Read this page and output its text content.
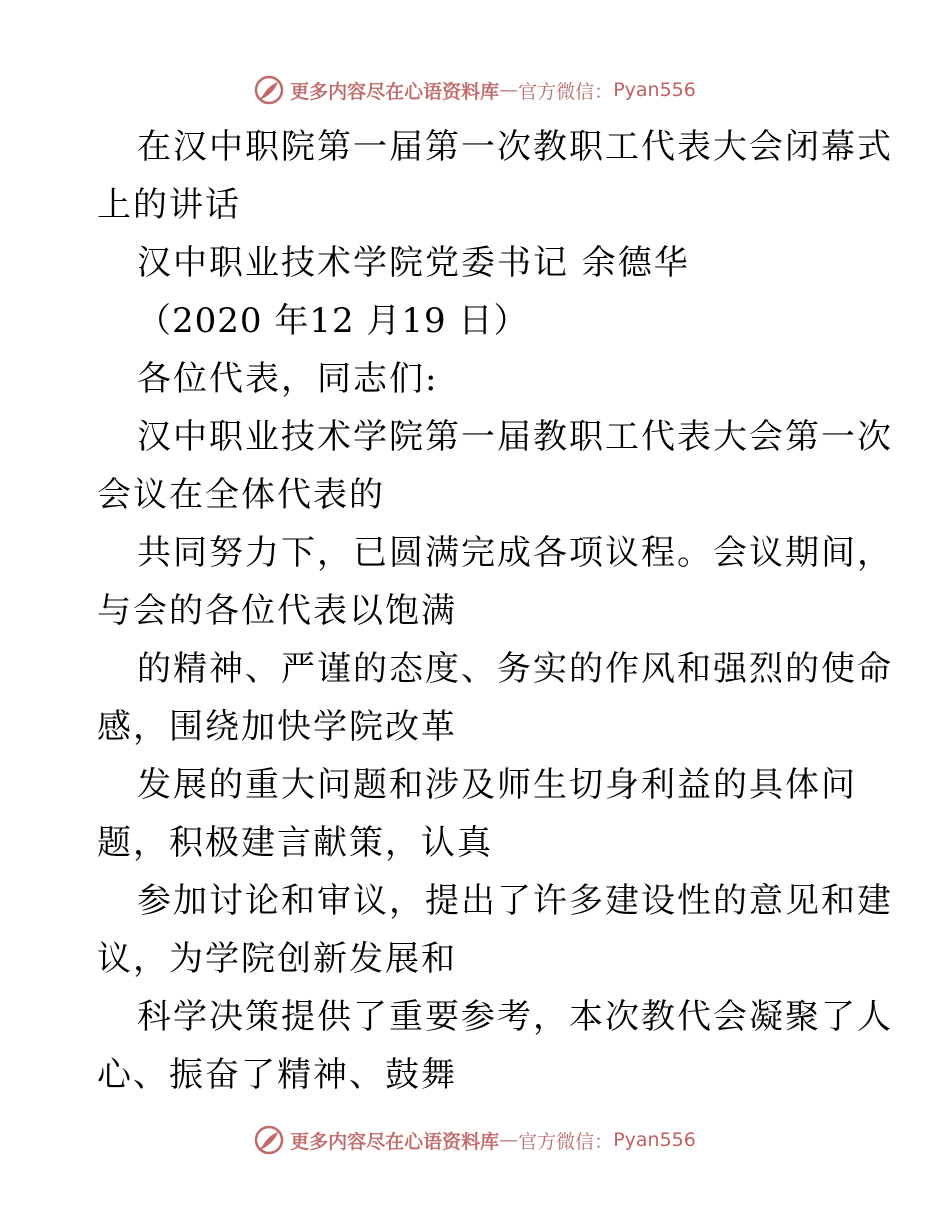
更多内容尽在心语资料库 — 官方微信： Pyan556
在汉中职院第一届第一次教职工代表大会闭幕式
上的讲话
汉中职业技术学院党委书记 余德华
（2020 年12 月19 日）
各位代表，同志们:
汉中职业技术学院第一届教职工代表大会第一次
会议在全体代表的
共同努力下，已圆满完成各项议程。会议期间，
与会的各位代表以饱满
的精神、严谨的态度、务实的作风和强烈的使命
感，围绕加快学院改革
发展的重大问题和涉及师生切身利益的具体问
题，积极建言献策，认真
参加讨论和审议，提出了许多建设性的意见和建
议，为学院创新发展和
科学决策提供了重要参考，本次教代会凝聚了人
心、振奋了精神、鼓舞
更多内容尽在心语资料库 — 官方微信： Pyan556
